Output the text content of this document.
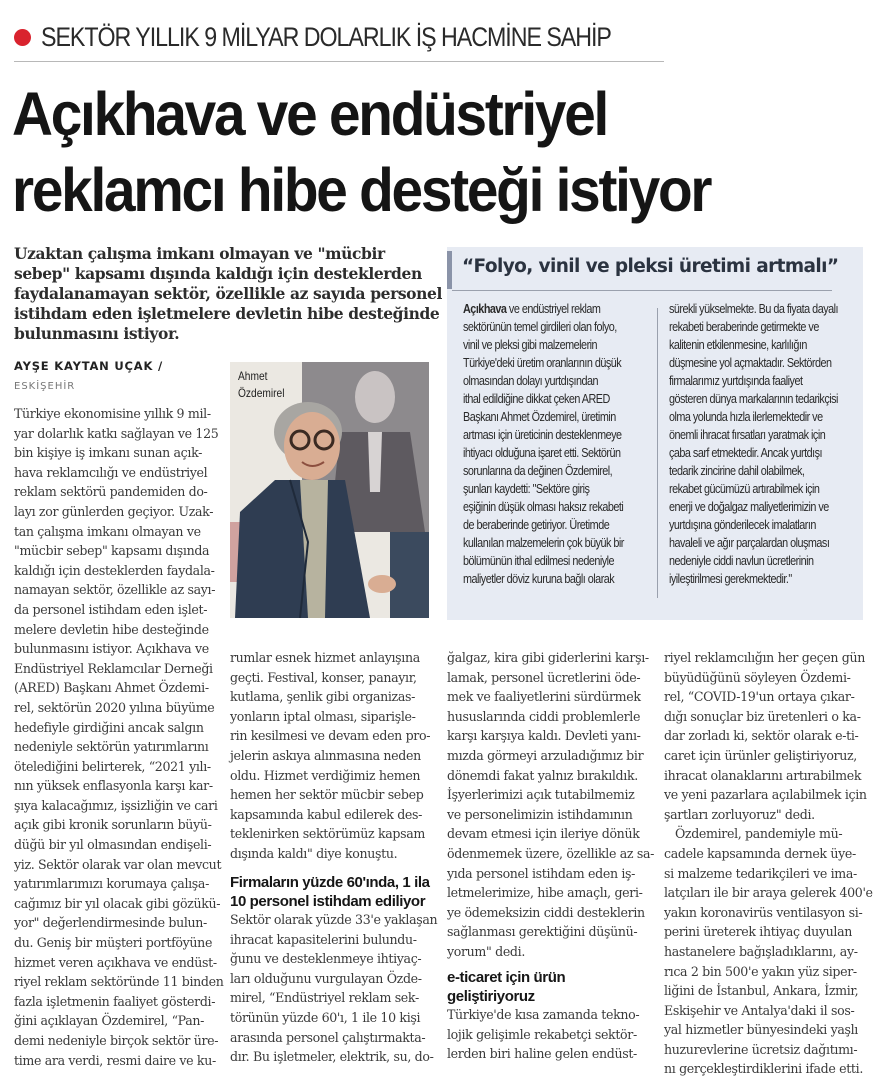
SEKTÖR YILLIK 9 MİLYAR DOLARLIK İŞ HACMİNE SAHİP
Açıkhava ve endüstriyel
reklamcı hibe desteği istiyor
Uzaktan çalışma imkanı olmayan ve "mücbir
sebep" kapsamı dışında kaldığı için desteklerden
faydalanamayan sektör, özellikle az sayıda personel
istihdam eden işletmelere devletin hibe desteğinde
bulunmasını istiyor.
AYŞE KAYTAN UÇAK /
ESKİŞEHİR
Ahmet
Özdemirel
Türkiye ekonomisine yıllık 9 mil-
yar dolarlık katkı sağlayan ve 125
bin kişiye iş imkanı sunan açık-
hava reklamcılığı ve endüstriyel
reklam sektörü pandemiden do-
layı zor günlerden geçiyor. Uzak-
tan çalışma imkanı olmayan ve
"mücbir sebep" kapsamı dışında
kaldığı için desteklerden faydala-
namayan sektör, özellikle az sayı-
da personel istihdam eden işlet-
melere devletin hibe desteğinde
bulunmasını istiyor. Açıkhava ve
Endüstriyel Reklamcılar Derneği
(ARED) Başkanı Ahmet Özdemi-
rel, sektörün 2020 yılına büyüme
hedefiyle girdiğini ancak salgın
nedeniyle sektörün yatırımlarını
ötelediğini belirterek, “2021 yılı-
nın yüksek enflasyonla karşı kar-
şıya kalacağımız, işsizliğin ve cari
açık gibi kronik sorunların büyü-
düğü bir yıl olmasından endişeli-
yiz. Sektör olarak var olan mevcut
yatırımlarımızı korumaya çalışa-
cağımız bir yıl olacak gibi gözükü-
yor" değerlendirmesinde bulun-
du. Geniş bir müşteri portföyüne
hizmet veren açıkhava ve endüst-
riyel reklam sektöründe 11 binden
fazla işletmenin faaliyet gösterdi-
ğini açıklayan Özdemirel, “Pan-
demi nedeniyle birçok sektör üre-
time ara verdi, resmi daire ve ku-
rumlar esnek hizmet anlayışına
geçti. Festival, konser, panayır,
kutlama, şenlik gibi organizas-
yonların iptal olması, siparişle-
rin kesilmesi ve devam eden pro-
jelerin askıya alınmasına neden
oldu. Hizmet verdiğimiz hemen
hemen her sektör mücbir sebep
kapsamında kabul edilerek des-
teklenirken sektörümüz kapsam
dışında kaldı" diye konuştu.
Firmaların yüzde 60'ında, 1 ila
10 personel istihdam ediliyor
Sektör olarak yüzde 33'e yaklaşan
ihracat kapasitelerini bulundu-
ğunu ve desteklenmeye ihtiyaç-
ları olduğunu vurgulayan Özde-
mirel, “Endüstriyel reklam sek-
törünün yüzde 60'ı, 1 ile 10 kişi
arasında personel çalıştırmakta-
dır. Bu işletmeler, elektrik, su, do-
ğalgaz, kira gibi giderlerini karşı-
lamak, personel ücretlerini öde-
mek ve faaliyetlerini sürdürmek
hususlarında ciddi problemlerle
karşı karşıya kaldı. Devleti yanı-
mızda görmeyi arzuladığımız bir
dönemdi fakat yalnız bırakıldık.
İşyerlerimizi açık tutabilmemiz
ve personelimizin istihdamının
devam etmesi için ileriye dönük
ödenmemek üzere, özellikle az sa-
yıda personel istihdam eden iş-
letmelerimize, hibe amaçlı, geri-
ye ödemeksizin ciddi desteklerin
sağlanması gerektiğini düşünü-
yorum" dedi.
e-ticaret için ürün
geliştiriyoruz
Türkiye'de kısa zamanda tekno-
lojik gelişimle rekabetçi sektör-
lerden biri haline gelen endüst-
riyel reklamcılığın her geçen gün
büyüdüğünü söyleyen Özdemi-
rel, “COVID-19'un ortaya çıkar-
dığı sonuçlar biz üretenleri o ka-
dar zorladı ki, sektör olarak e-ti-
caret için ürünler geliştiriyoruz,
ihracat olanaklarını artırabilmek
ve yeni pazarlara açılabilmek için
şartları zorluyoruz" dedi.
Özdemirel, pandemiyle mü-
cadele kapsamında dernek üye-
si malzeme tedarikçileri ve ima-
latçıları ile bir araya gelerek 400'e
yakın koronavirüs ventilasyon si-
perini üreterek ihtiyaç duyulan
hastanelere bağışladıklarını, ay-
rıca 2 bin 500'e yakın yüz siper-
liğini de İstanbul, Ankara, İzmir,
Eskişehir ve Antalya'daki il sos-
yal hizmetler bünyesindeki yaşlı
huzurevlerine ücretsiz dağıtımı-
nı gerçekleştirdiklerini ifade etti.
“Folyo, vinil ve pleksi üretimi artmalı”
Açıkhava ve endüstriyel reklam
sektörünün temel girdileri olan folyo,
vinil ve pleksi gibi malzemelerin
Türkiye'deki üretim oranlarının düşük
olmasından dolayı yurtdışından
ithal edildiğine dikkat çeken ARED
Başkanı Ahmet Özdemirel, üretimin
artması için üreticinin desteklenmeye
ihtiyacı olduğuna işaret etti. Sektörün
sorunlarına da değinen Özdemirel,
şunları kaydetti: "Sektöre giriş
eşiğinin düşük olması haksız rekabeti
de beraberinde getiriyor. Üretimde
kullanılan malzemelerin çok büyük bir
bölümünün ithal edilmesi nedeniyle
maliyetler döviz kuruna bağlı olarak
sürekli yükselmekte. Bu da fiyata dayalı
rekabeti beraberinde getirmekte ve
kalitenin etkilenmesine, karlılığın
düşmesine yol açmaktadır. Sektörden
firmalarımız yurtdışında faaliyet
gösteren dünya markalarının tedarikçisi
olma yolunda hızla ilerlemektedir ve
önemli ihracat fırsatları yaratmak için
çaba sarf etmektedir. Ancak yurtdışı
tedarik zincirine dahil olabilmek,
rekabet gücümüzü artırabilmek için
enerji ve doğalgaz maliyetlerimizin ve
yurtdışına gönderilecek imalatların
havaleli ve ağır parçalardan oluşması
nedeniyle ciddi navlun ücretlerinin
iyileştirilmesi gerekmektedir."
